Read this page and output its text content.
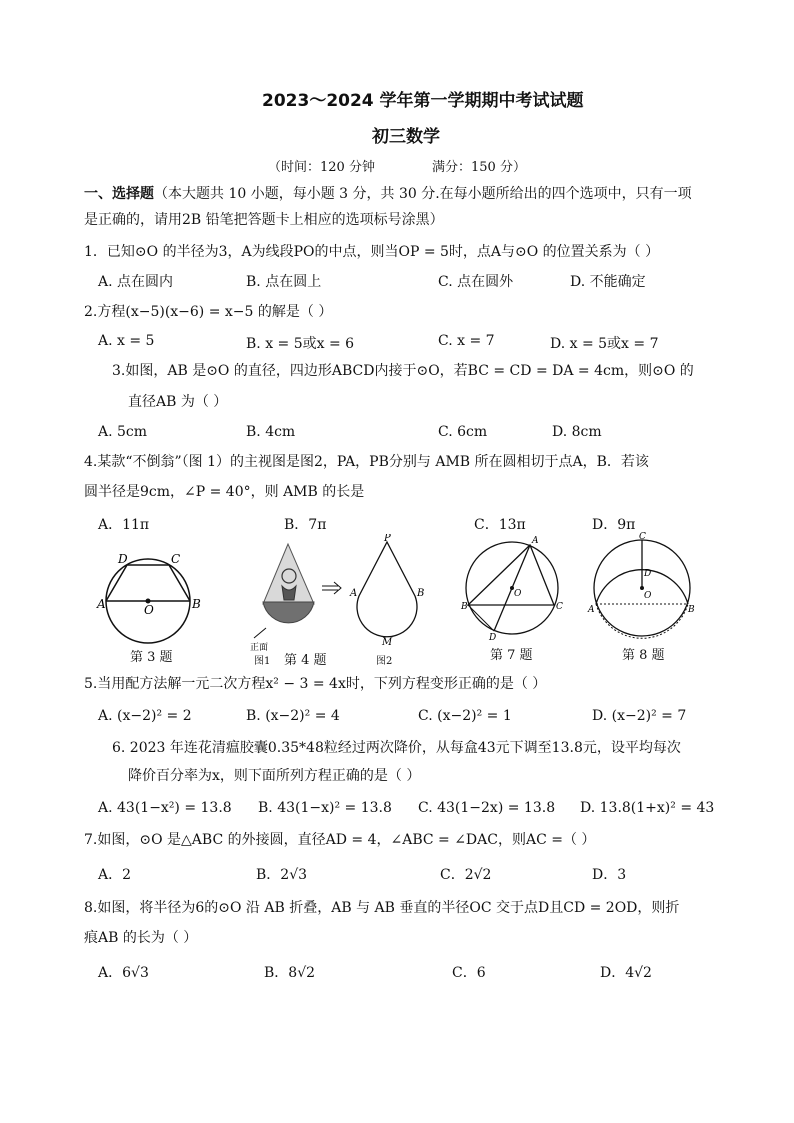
2023～2024 学年第一学期期中考试试题
初三数学
（时间：120 分钟	满分：150 分）
一、选择题（本大题共 10 小题，每小题 3 分，共 30 分.在每小题所给出的四个选项中，只有一项
是正确的，请用2B 铅笔把答题卡上相应的选项标号涂黑）
1．已知⊙O 的半径为3，A为线段PO的中点，则当OP = 5时，点A与⊙O 的位置关系为（ ）
A. 点在圆内	B. 点在圆上	C. 点在圆外	D. 不能确定
2.方程(x−5)(x−6) = x−5 的解是（ ）
A. x = 5	B. x = 5或x = 6	C. x = 7	D. x = 5或x = 7
3.如图，AB 是⊙O 的直径，四边形ABCD内接于⊙O，若BC = CD = DA = 4cm，则⊙O 的
直径AB 为（ ）
A. 5cm	B. 4cm	C. 6cm	D. 8cm
4.某款“不倒翁”（图 1）的主视图是图2，PA，PB分别与 AMB 所在圆相切于点A，B．若该
圆半径是9cm，∠P = 40°，则 AMB 的长是
A．11π	B．7π	C．13π	D．9π
A	B
C
D
O
第 3 题
正面
P
A	B
M
图1 第 4 题	图2
A
B	C
D
O
第 7 题
C
D
O
A	B
第 8 题
5.当用配方法解一元二次方程x² − 3 = 4x时，下列方程变形正确的是（ ）
A. (x−2)² = 2	B. (x−2)² = 4	C. (x−2)² = 1	D. (x−2)² = 7
6. 2023 年连花清瘟胶囊0.35*48粒经过两次降价，从每盒43元下调至13.8元，设平均每次
降价百分率为x，则下面所列方程正确的是（ ）
A. 43(1−x²) = 13.8 B. 43(1−x)² = 13.8 C. 43(1−2x) = 13.8 D. 13.8(1+x)² = 43
7.如图，⊙O 是△ABC 的外接圆，直径AD = 4，∠ABC = ∠DAC，则AC =（ ）
A．2	B．2√3	C．2√2	D．3
8.如图，将半径为6的⊙O 沿 AB 折叠，AB 与 AB 垂直的半径OC 交于点D且CD = 2OD，则折
痕AB 的长为（ ）
A．6√3	B．8√2	C．6	D．4√2
